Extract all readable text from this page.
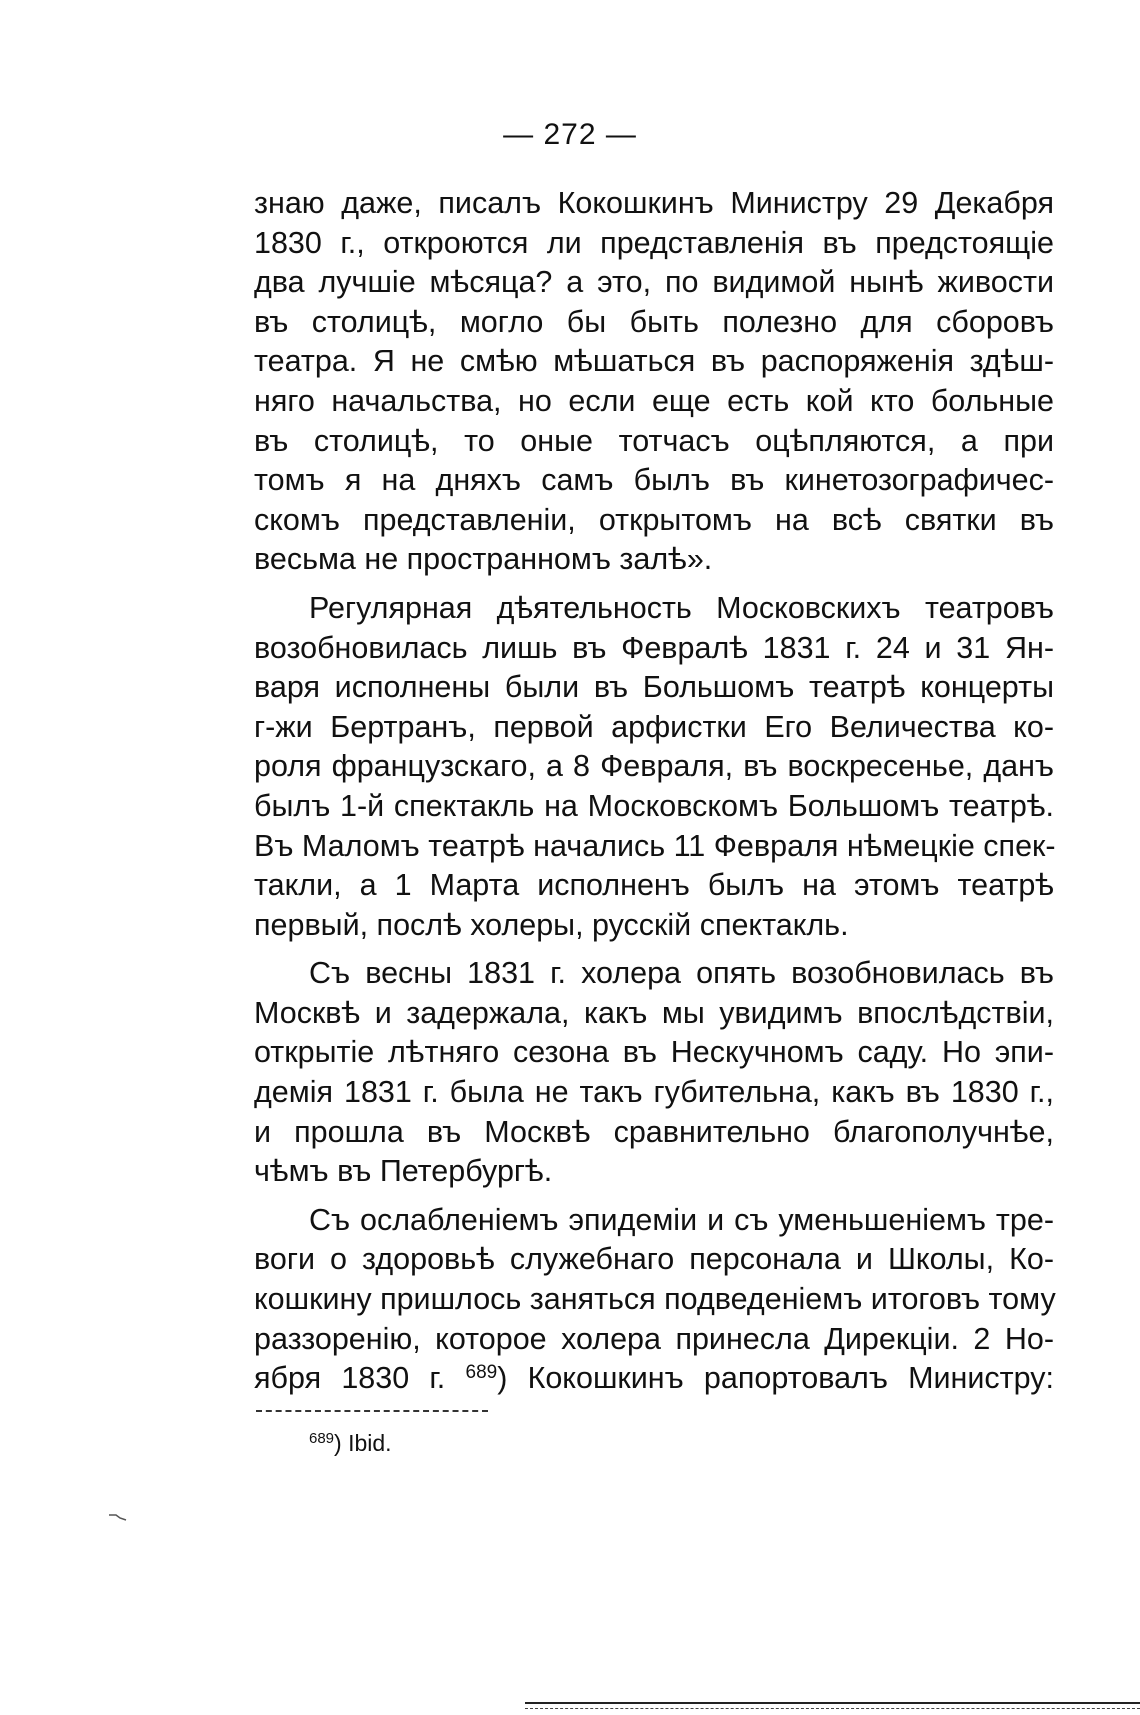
— 272 —
знаю даже, писалъ Кокошкинъ Министру 29 Декабря
1830 г., откроются ли представленія въ предстоящіе
два лучшіе мѣсяца? а это, по видимой нынѣ живости
въ столицѣ, могло бы быть полезно для сборовъ
театра. Я не смѣю мѣшаться въ распоряженія здѣш-
няго начальства, но если еще есть кой кто больные
въ столицѣ, то оные тотчасъ оцѣпляются, а при
томъ я на дняхъ самъ былъ въ кинетозографичес-
скомъ представленіи, открытомъ на всѣ святки въ
весьма не пространномъ залѣ».
Регулярная дѣятельность Московскихъ театровъ
возобновилась лишь въ Февралѣ 1831 г. 24 и 31 Ян-
варя исполнены были въ Большомъ театрѣ концерты
г-жи Бертранъ, первой арфистки Его Величества ко-
роля французскаго, а 8 Февраля, въ воскресенье, данъ
былъ 1-й спектакль на Московскомъ Большомъ театрѣ.
Въ Маломъ театрѣ начались 11 Февраля нѣмецкіе спек-
такли, а 1 Марта исполненъ былъ на этомъ театрѣ
первый, послѣ холеры, русскій спектакль.
Съ весны 1831 г. холера опять возобновилась въ
Москвѣ и задержала, какъ мы увидимъ впослѣдствіи,
открытіе лѣтняго сезона въ Нескучномъ саду. Но эпи-
демія 1831 г. была не такъ губительна, какъ въ 1830 г.,
и прошла въ Москвѣ сравнительно благополучнѣе,
чѣмъ въ Петербургѣ.
Съ ослабленіемъ эпидеміи и съ уменьшеніемъ тре-
воги о здоровьѣ служебнаго персонала и Школы, Ко-
кошкину пришлось заняться подведеніемъ итоговъ тому
раззоренію, которое холера принесла Дирекціи. 2 Но-
ября 1830 г. $^{689}$) Кокошкинъ рапортовалъ Министру:
$^{689}$) Ibid.
